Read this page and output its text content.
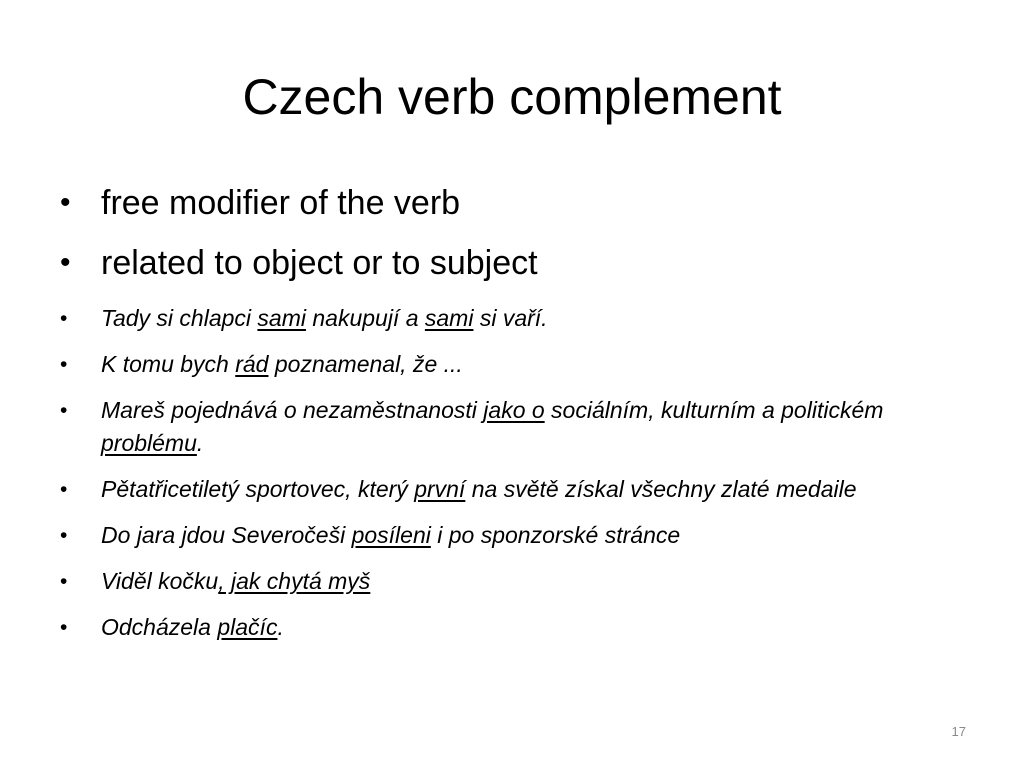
Czech verb complement
• free modifier of the verb
• related to object or to subject
• Tady si chlapci sami nakupují a sami si vaří.
• K tomu bych rád poznamenal, že ...
• Mareš pojednává o nezaměstnanosti jako o sociálním, kulturním a politickém problému.
• Pětatřicetiletý sportovec, který první na světě získal všechny zlaté medaile
• Do jara jdou Severočeši posíleni i po sponzorské stránce
• Viděl kočku, jak chytá myš
• Odcházela plačíc.
17
